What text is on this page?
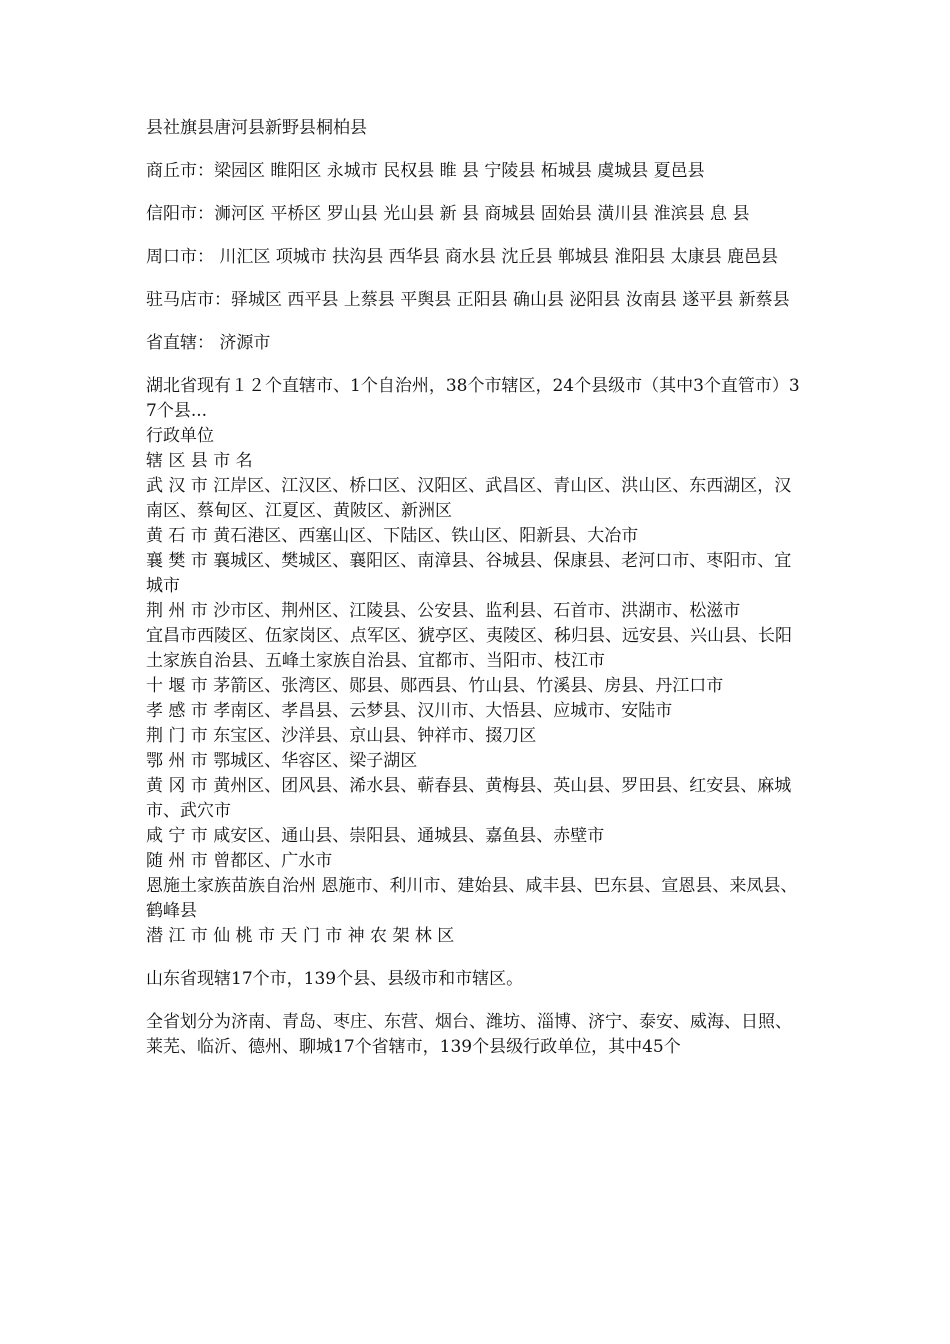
县社旗县唐河县新野县桐柏县

商丘市：梁园区 睢阳区 永城市 民权县 睢 县 宁陵县 柘城县 虞城县 夏邑县

信阳市：浉河区 平桥区 罗山县 光山县 新 县 商城县 固始县 潢川县 淮滨县 息 县

周口市： 川汇区 项城市 扶沟县 西华县 商水县 沈丘县 郸城县 淮阳县 太康县 鹿邑县

驻马店市：驿城区 西平县 上蔡县 平舆县 正阳县 确山县 泌阳县 汝南县 遂平县 新蔡县

省直辖： 济源市

湖北省现有１２个直辖市、1个自治州，38个市辖区，24个县级市（其中3个直管市）37个县...
行政单位
辖 区 县 市 名
武 汉 市 江岸区、江汉区、桥口区、汉阳区、武昌区、青山区、洪山区、东西湖区，汉南区、蔡甸区、江夏区、黄陂区、新洲区
黄 石 市 黄石港区、西塞山区、下陆区、铁山区、阳新县、大冶市
襄 樊 市 襄城区、樊城区、襄阳区、南漳县、谷城县、保康县、老河口市、枣阳市、宜城市
荆 州 市 沙市区、荆州区、江陵县、公安县、监利县、石首市、洪湖市、松滋市
宜昌市西陵区、伍家岗区、点军区、猇亭区、夷陵区、秭归县、远安县、兴山县、长阳土家族自治县、五峰土家族自治县、宜都市、当阳市、枝江市
十 堰 市 茅箭区、张湾区、郧县、郧西县、竹山县、竹溪县、房县、丹江口市
孝 感 市 孝南区、孝昌县、云梦县、汉川市、大悟县、应城市、安陆市
荆 门 市 东宝区、沙洋县、京山县、钟祥市、掇刀区
鄂 州 市 鄂城区、华容区、梁子湖区
黄 冈 市 黄州区、团风县、浠水县、蕲春县、黄梅县、英山县、罗田县、红安县、麻城市、武穴市
咸 宁 市 咸安区、通山县、崇阳县、通城县、嘉鱼县、赤壁市
随 州 市 曾都区、广水市
恩施土家族苗族自治州 恩施市、利川市、建始县、咸丰县、巴东县、宣恩县、来凤县、鹤峰县
潜 江 市 仙 桃 市 天 门 市 神 农 架 林 区

山东省现辖17个市，139个县、县级市和市辖区。

全省划分为济南、青岛、枣庄、东营、烟台、潍坊、淄博、济宁、泰安、威海、日照、莱芜、临沂、德州、聊城17个省辖市，139个县级行政单位，其中45个
